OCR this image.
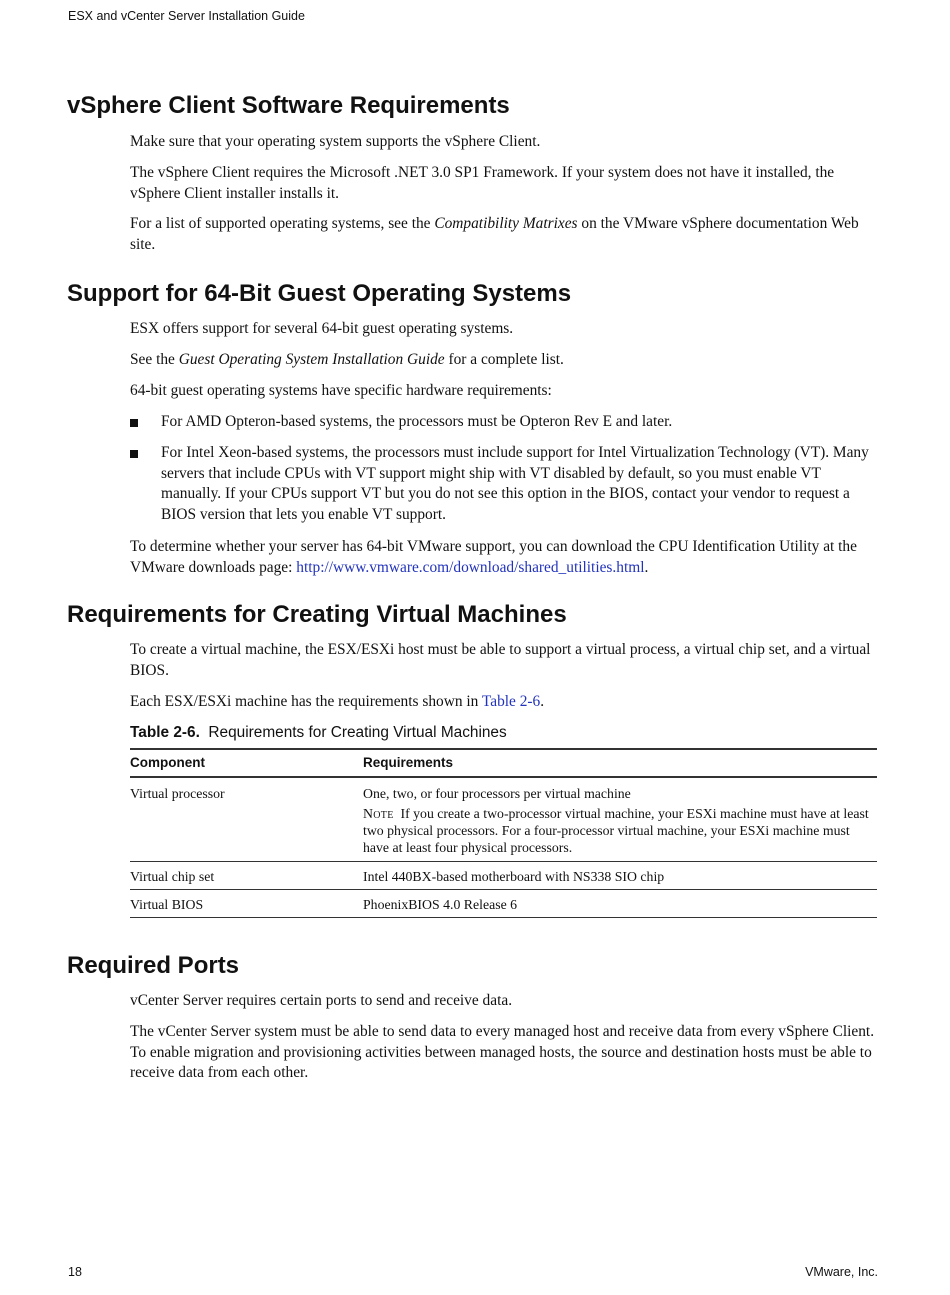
ESX and vCenter Server Installation Guide
vSphere Client Software Requirements

Make sure that your operating system supports the vSphere Client.

The vSphere Client requires the Microsoft .NET 3.0 SP1 Framework. If your system does not have it installed, the vSphere Client installer installs it.

For a list of supported operating systems, see the Compatibility Matrixes on the VMware vSphere documentation Web site.

Support for 64-Bit Guest Operating Systems

ESX offers support for several 64-bit guest operating systems.

See the Guest Operating System Installation Guide for a complete list.

64-bit guest operating systems have specific hardware requirements:

For AMD Opteron-based systems, the processors must be Opteron Rev E and later.
For Intel Xeon-based systems, the processors must include support for Intel Virtualization Technology (VT). Many servers that include CPUs with VT support might ship with VT disabled by default, so you must enable VT manually. If your CPUs support VT but you do not see this option in the BIOS, contact your vendor to request a BIOS version that lets you enable VT support.

To determine whether your server has 64-bit VMware support, you can download the CPU Identification Utility at the VMware downloads page: http://www.vmware.com/download/shared_utilities.html.

Requirements for Creating Virtual Machines

To create a virtual machine, the ESX/ESXi host must be able to support a virtual process, a virtual chip set, and a virtual BIOS.

Each ESX/ESXi machine has the requirements shown in Table 2-6.

Table 2-6. Requirements for Creating Virtual Machines
Component	Requirements
Virtual processor	One, two, or four processors per virtual machine
Note If you create a two-processor virtual machine, your ESXi machine must have at least two physical processors. For a four-processor virtual machine, your ESXi machine must have at least four physical processors.
Virtual chip set	Intel 440BX-based motherboard with NS338 SIO chip
Virtual BIOS	PhoenixBIOS 4.0 Release 6
Required Ports

vCenter Server requires certain ports to send and receive data.

The vCenter Server system must be able to send data to every managed host and receive data from every vSphere Client. To enable migration and provisioning activities between managed hosts, the source and destination hosts must be able to receive data from each other.

18	VMware, Inc.
